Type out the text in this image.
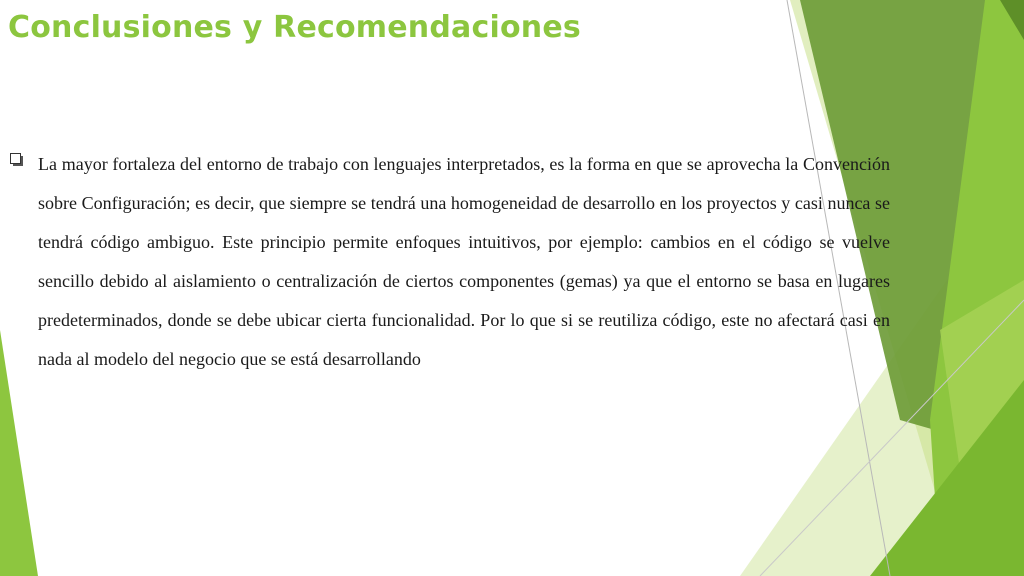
Conclusiones y Recomendaciones

La mayor fortaleza del entorno de trabajo con lenguajes interpretados, es la forma en que se aprovecha la Convención sobre Configuración; es decir, que siempre se tendrá una homogeneidad de desarrollo en los proyectos y casi nunca se tendrá código ambiguo. Este principio permite enfoques intuitivos, por ejemplo: cambios en el código se vuelve sencillo debido al aislamiento o centralización de ciertos componentes (gemas) ya que el entorno se basa en lugares predeterminados, donde se debe ubicar cierta funcionalidad. Por lo que si se reutiliza código, este no afectará casi en nada al modelo del negocio que se está desarrollando
